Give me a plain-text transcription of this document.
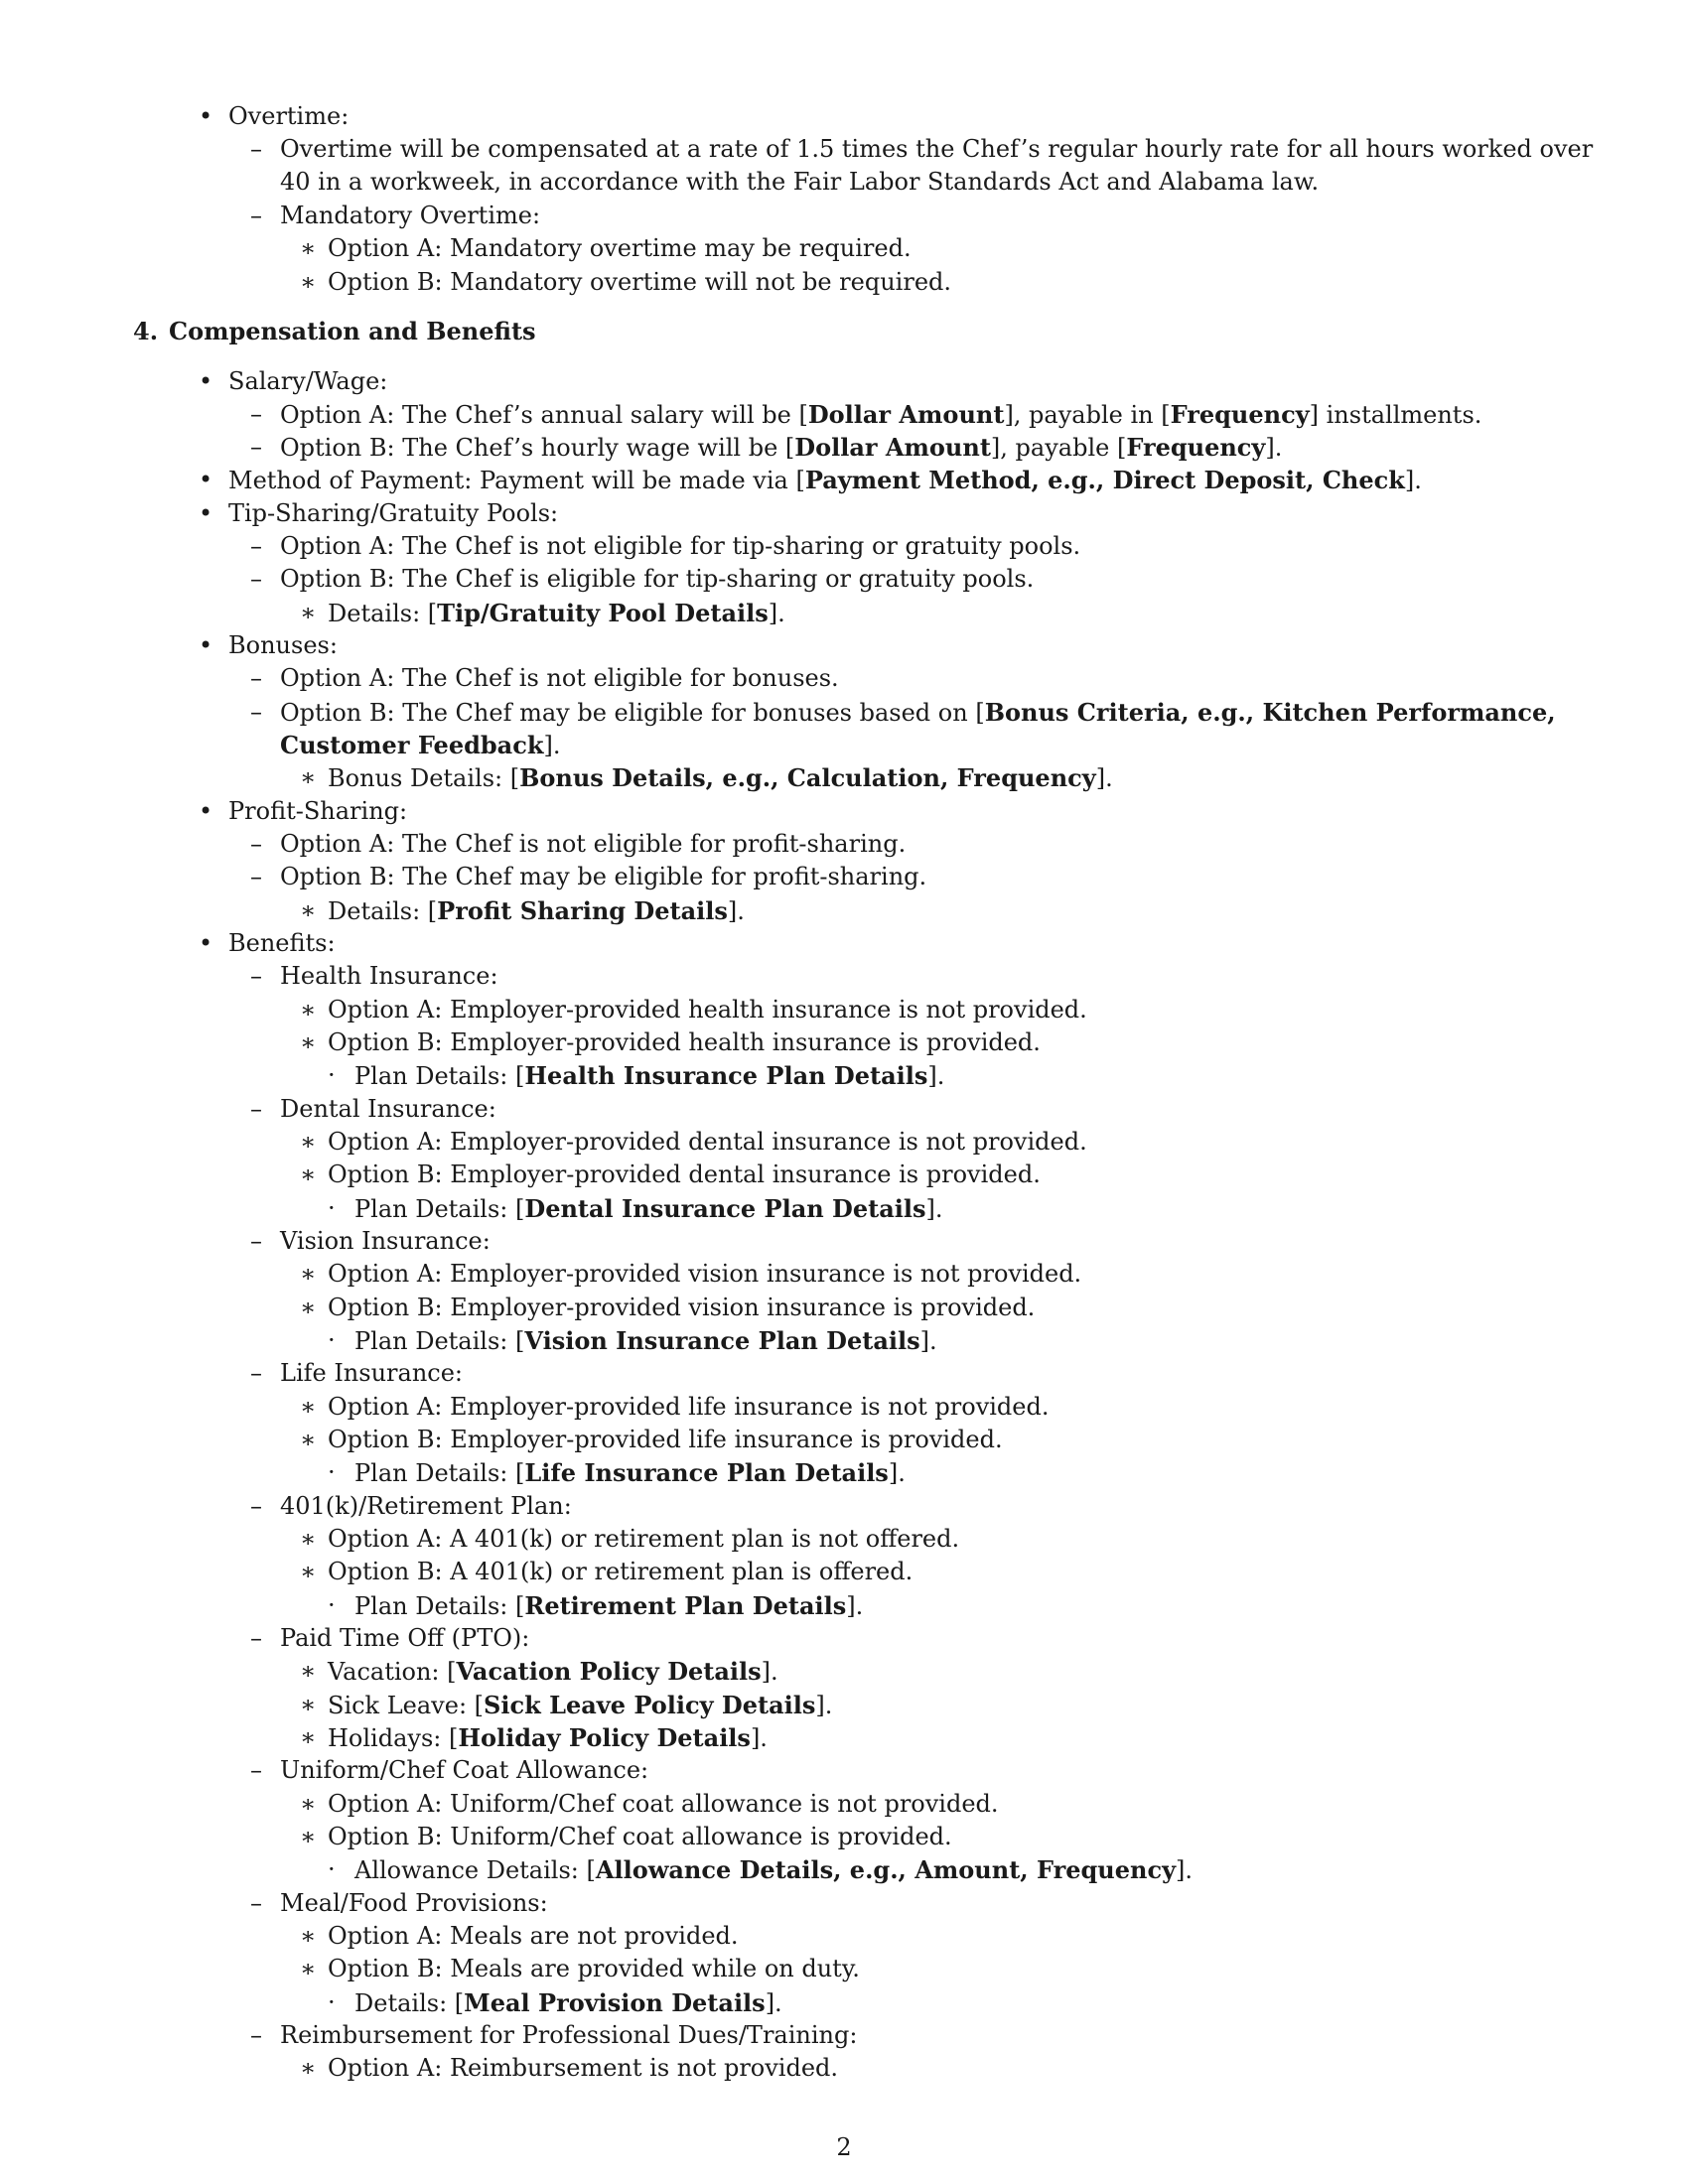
• Overtime:
– Overtime will be compensated at a rate of 1.5 times the Chef’s regular hourly rate for all hours worked over
40 in a workweek, in accordance with the Fair Labor Standards Act and Alabama law.
– Mandatory Overtime:
∗ Option A: Mandatory overtime may be required.
∗ Option B: Mandatory overtime will not be required.
4. Compensation and Benefits
• Salary/Wage:
– Option A: The Chef’s annual salary will be [Dollar Amount], payable in [Frequency] installments.
– Option B: The Chef’s hourly wage will be [Dollar Amount], payable [Frequency].
• Method of Payment: Payment will be made via [Payment Method, e.g., Direct Deposit, Check].
• Tip-Sharing/Gratuity Pools:
– Option A: The Chef is not eligible for tip-sharing or gratuity pools.
– Option B: The Chef is eligible for tip-sharing or gratuity pools.
∗ Details: [Tip/Gratuity Pool Details].
• Bonuses:
– Option A: The Chef is not eligible for bonuses.
– Option B: The Chef may be eligible for bonuses based on [Bonus Criteria, e.g., Kitchen Performance,
Customer Feedback].
∗ Bonus Details: [Bonus Details, e.g., Calculation, Frequency].
• Profit-Sharing:
– Option A: The Chef is not eligible for profit-sharing.
– Option B: The Chef may be eligible for profit-sharing.
∗ Details: [Profit Sharing Details].
• Benefits:
– Health Insurance:
∗ Option A: Employer-provided health insurance is not provided.
∗ Option B: Employer-provided health insurance is provided.
· Plan Details: [Health Insurance Plan Details].
– Dental Insurance:
∗ Option A: Employer-provided dental insurance is not provided.
∗ Option B: Employer-provided dental insurance is provided.
· Plan Details: [Dental Insurance Plan Details].
– Vision Insurance:
∗ Option A: Employer-provided vision insurance is not provided.
∗ Option B: Employer-provided vision insurance is provided.
· Plan Details: [Vision Insurance Plan Details].
– Life Insurance:
∗ Option A: Employer-provided life insurance is not provided.
∗ Option B: Employer-provided life insurance is provided.
· Plan Details: [Life Insurance Plan Details].
– 401(k)/Retirement Plan:
∗ Option A: A 401(k) or retirement plan is not offered.
∗ Option B: A 401(k) or retirement plan is offered.
· Plan Details: [Retirement Plan Details].
– Paid Time Off (PTO):
∗ Vacation: [Vacation Policy Details].
∗ Sick Leave: [Sick Leave Policy Details].
∗ Holidays: [Holiday Policy Details].
– Uniform/Chef Coat Allowance:
∗ Option A: Uniform/Chef coat allowance is not provided.
∗ Option B: Uniform/Chef coat allowance is provided.
· Allowance Details: [Allowance Details, e.g., Amount, Frequency].
– Meal/Food Provisions:
∗ Option A: Meals are not provided.
∗ Option B: Meals are provided while on duty.
· Details: [Meal Provision Details].
– Reimbursement for Professional Dues/Training:
∗ Option A: Reimbursement is not provided.
2
